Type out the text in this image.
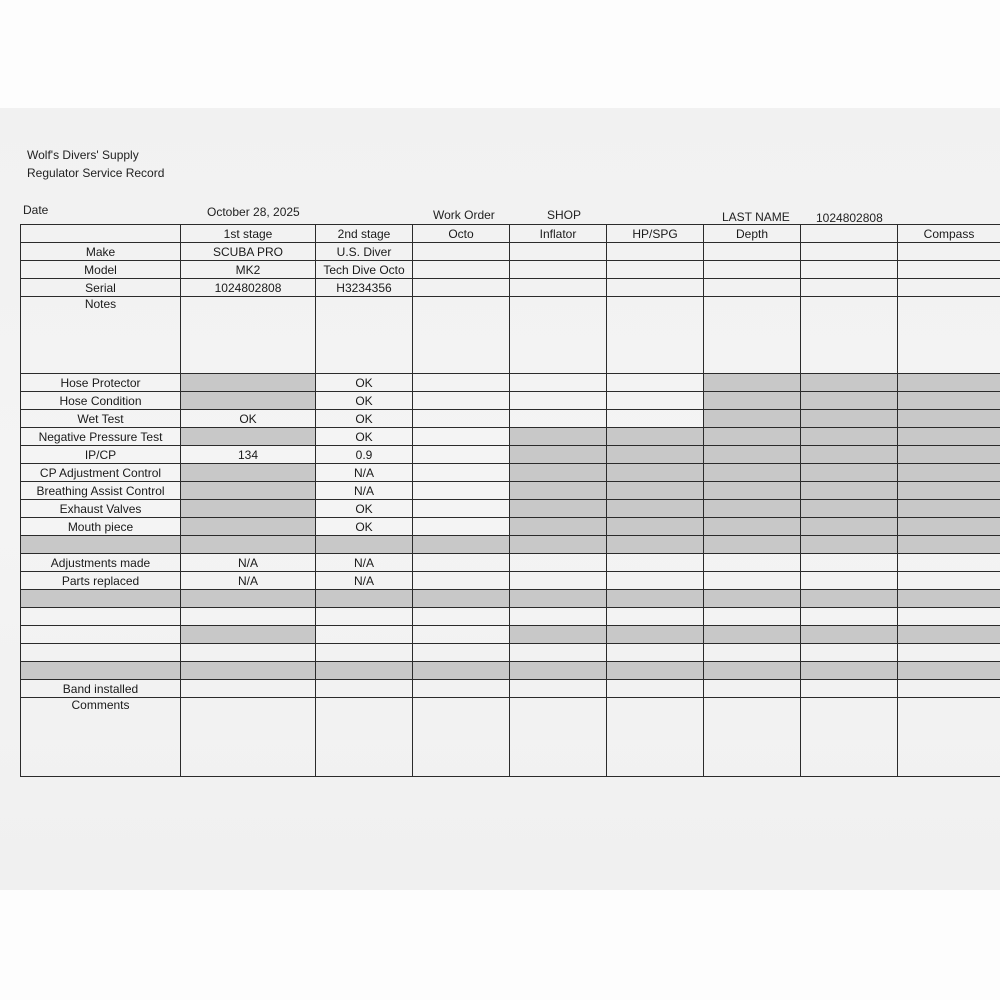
Wolf's Divers' Supply
Regulator Service Record
Date	October 28, 2025	Work Order	SHOP	LAST NAME 1024802808
	1st stage	2nd stage	Octo	Inflator	HP/SPG	Depth		Compass
Make	SCUBA PRO	U.S. Diver						
Model	MK2	Tech Dive Octo						
Serial	1024802808	H3234356						
Notes								
Hose Protector		OK						
Hose Condition		OK						
Wet Test	OK	OK						
Negative Pressure Test		OK						
IP/CP	134	0.9						
CP Adjustment Control		N/A						
Breathing Assist Control		N/A						
Exhaust Valves		OK						
Mouth piece		OK						

Adjustments made	N/A	N/A						
Parts replaced	N/A	N/A						

Band installed								
Comments								
